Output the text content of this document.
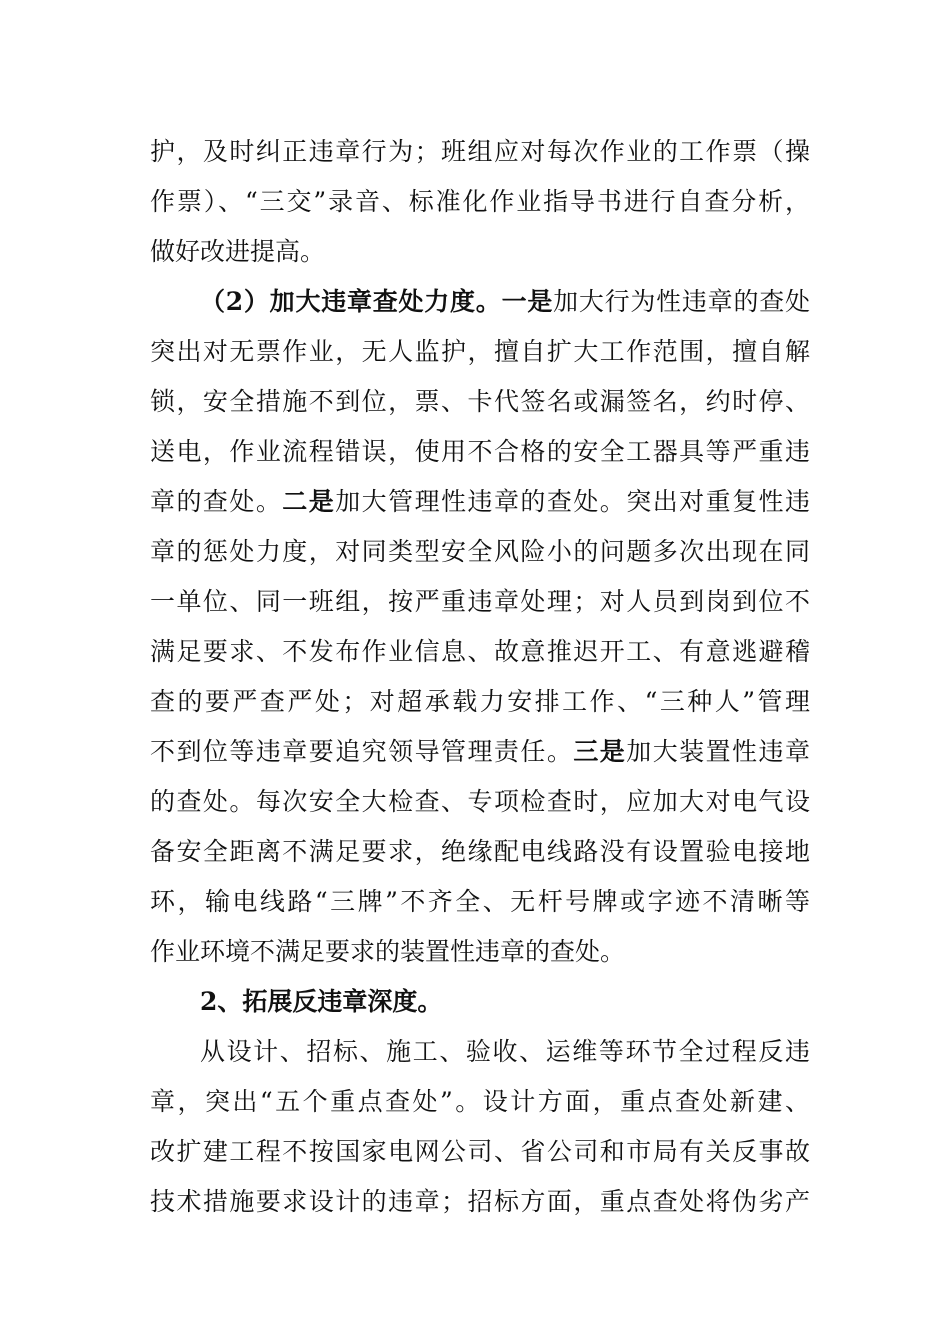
护，及时纠正违章行为；班组应对每次作业的工作票（操
作票）、“三交”录音、标准化作业指导书进行自查分析，
做好改进提高。
（2）加大违章查处力度。一是加大行为性违章的查处
突出对无票作业，无人监护，擅自扩大工作范围，擅自解
锁，安全措施不到位，票、卡代签名或漏签名，约时停、
送电，作业流程错误，使用不合格的安全工器具等严重违
章的查处。二是加大管理性违章的查处。突出对重复性违
章的惩处力度，对同类型安全风险小的问题多次出现在同
一单位、同一班组，按严重违章处理；对人员到岗到位不
满足要求、不发布作业信息、故意推迟开工、有意逃避稽
查的要严查严处；对超承载力安排工作、“三种人”管理
不到位等违章要追究领导管理责任。三是加大装置性违章
的查处。每次安全大检查、专项检查时，应加大对电气设
备安全距离不满足要求，绝缘配电线路没有设置验电接地
环，输电线路“三牌”不齐全、无杆号牌或字迹不清晰等
作业环境不满足要求的装置性违章的查处。
2、拓展反违章深度。
从设计、招标、施工、验收、运维等环节全过程反违
章，突出“五个重点查处”。设计方面，重点查处新建、
改扩建工程不按国家电网公司、省公司和市局有关反事故
技术措施要求设计的违章；招标方面，重点查处将伪劣产
